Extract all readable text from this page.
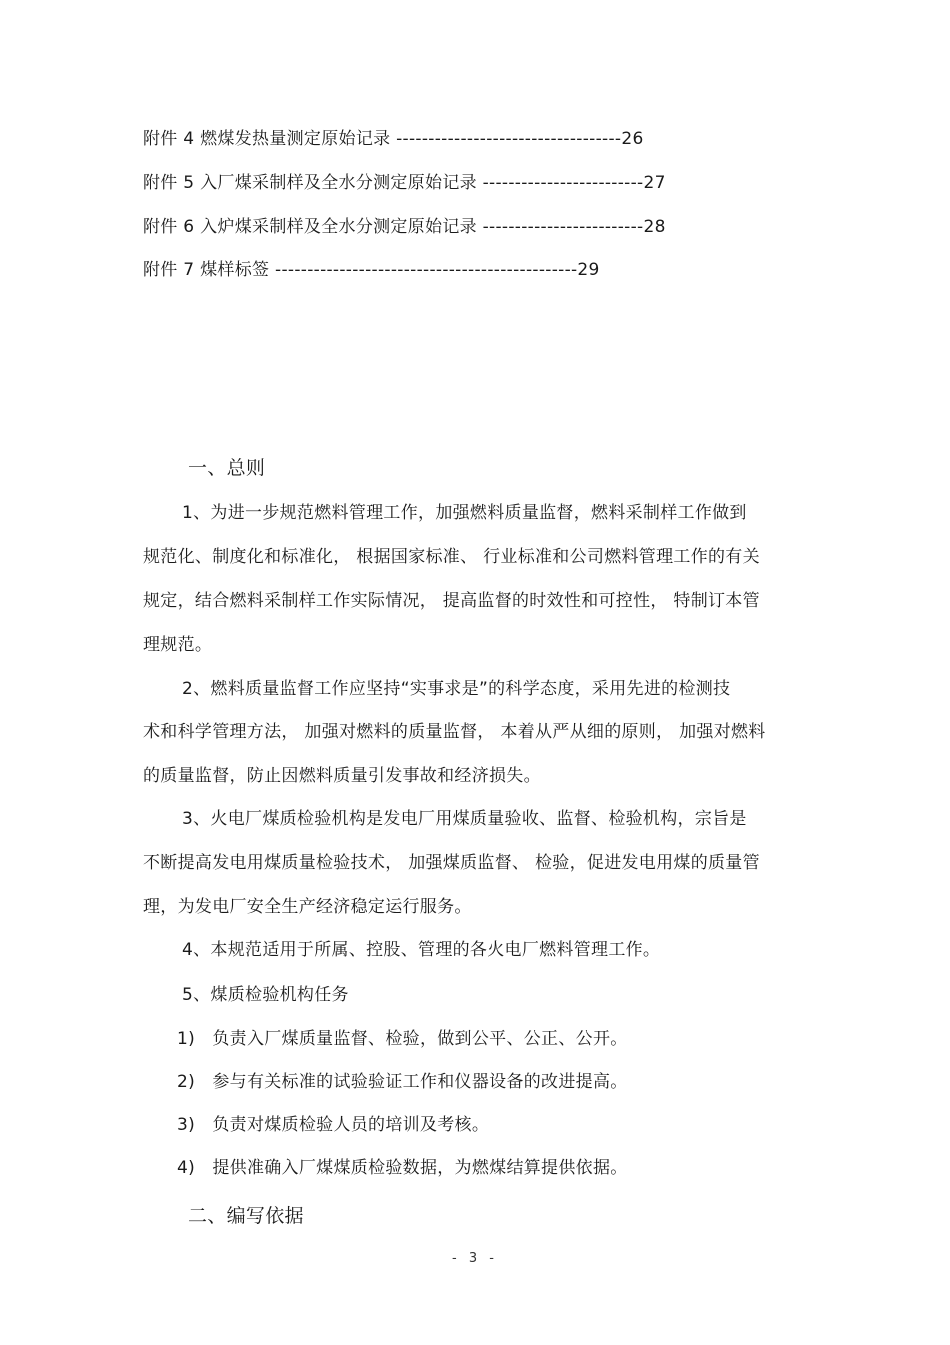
附件 4 燃煤发热量测定原始记录 -----------------------------------26
附件 5 入厂煤采制样及全水分测定原始记录 -------------------------27
附件 6 入炉煤采制样及全水分测定原始记录 -------------------------28
附件 7 煤样标签 -----------------------------------------------29
一、总则
1、为进一步规范燃料管理工作，加强燃料质量监督，燃料采制样工作做到
规范化、制度化和标准化， 根据国家标准、 行业标准和公司燃料管理工作的有关
规定，结合燃料采制样工作实际情况， 提高监督的时效性和可控性， 特制订本管
理规范。
2、燃料质量监督工作应坚持“实事求是”的科学态度，采用先进的检测技
术和科学管理方法， 加强对燃料的质量监督， 本着从严从细的原则， 加强对燃料
的质量监督，防止因燃料质量引发事故和经济损失。
3、火电厂煤质检验机构是发电厂用煤质量验收、监督、检验机构，宗旨是
不断提高发电用煤质量检验技术， 加强煤质监督、 检验，促进发电用煤的质量管
理，为发电厂安全生产经济稳定运行服务。
4、本规范适用于所属、控股、管理的各火电厂燃料管理工作。
5、煤质检验机构任务
1)　负责入厂煤质量监督、检验，做到公平、公正、公开。
2)　参与有关标准的试验验证工作和仪器设备的改进提高。
3)　负责对煤质检验人员的培训及考核。
4)　提供准确入厂煤煤质检验数据，为燃煤结算提供依据。
二、编写依据
- 3 -
